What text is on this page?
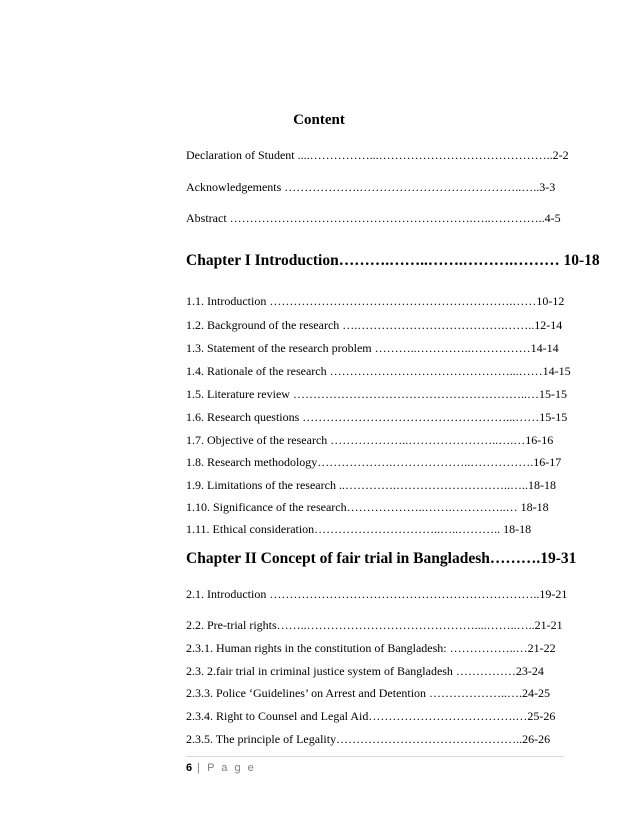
Content
Declaration of Student ....……………...……………………………………..2-2
Acknowledgements ……………….…………………………………..…..3-3
Abstract …………………………………………………….…..…………..4-5
Chapter I Introduction……….……..…….……….……… 10-18
1.1. Introduction …………………………………………………….……10-12
1.2. Background of the research ….……………………………….……..12-14
1.3. Statement of the research problem ………..…………..……………14-14
1.4. Rationale of the research ………………………………………...……14-15
1.5. Literature review …………………………………………………..…15-15
1.6. Research questions ……………………………………………...……15-15
1.7. Objective of the research ………………..…………………..….…16-16
1.8. Research methodology……………….………………..…………….16-17
1.9. Limitations of the research ..………….………………………..…..18-18
1.10. Significance of the research………………..…….…………..… 18-18
1.11. Ethical consideration…………………………..…..……….. 18-18
Chapter II Concept of fair trial in Bangladesh……….19-31
2.1. Introduction …………………………………………………………..19-21
2.2. Pre-trial rights……..……………………………………....……..…..21-21
2.3.1. Human rights in the constitution of Bangladesh: ……………..…21-22
2.3. 2.fair trial in criminal justice system of Bangladesh ……………23-24
2.3.3. Police ‘Guidelines’ on Arrest and Detention ………………..….24-25
2.3.4. Right to Counsel and Legal Aid……………………………….…25-26
2.3.5. The principle of Legality………………………………………..26-26
6 | P a g e
